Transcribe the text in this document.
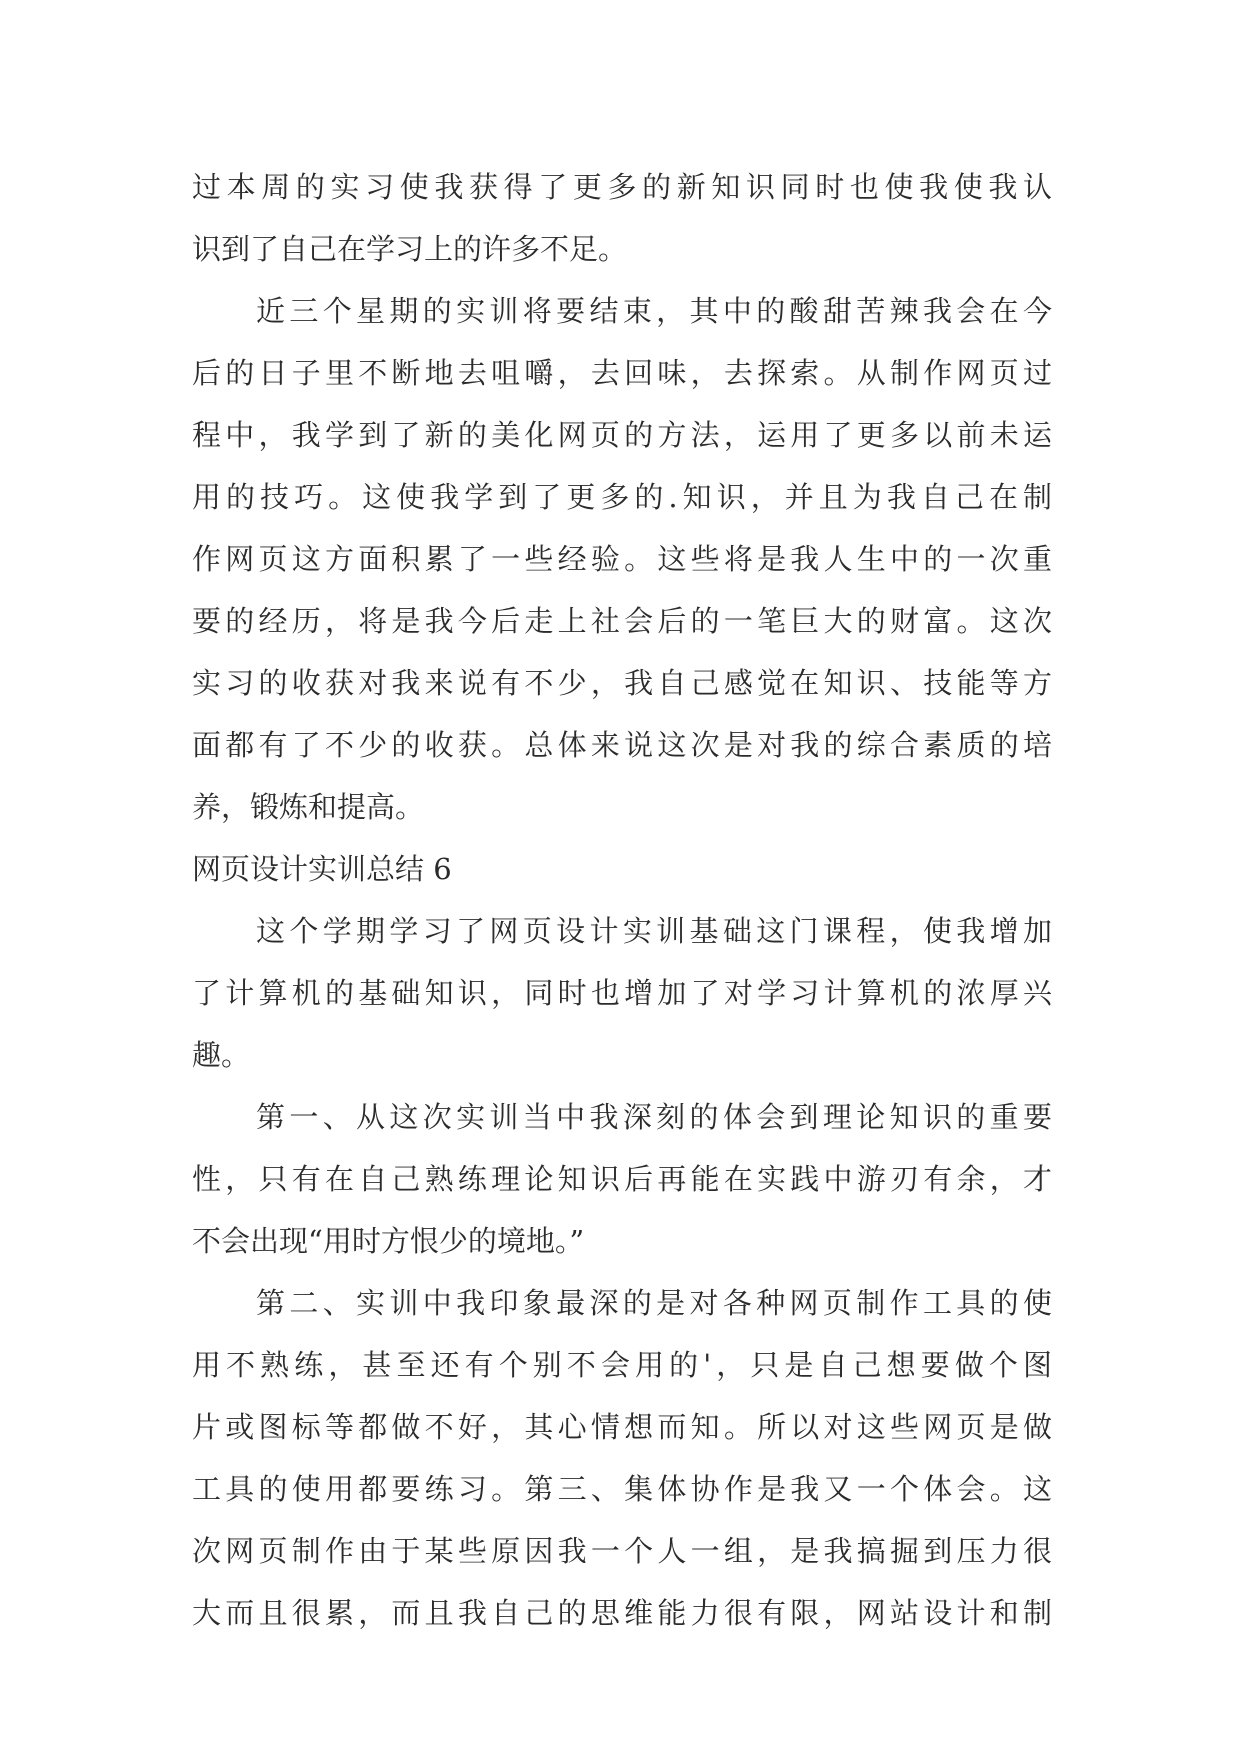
过本周的实习使我获得了更多的新知识同时也使我使我认
识到了自己在学习上的许多不足。
近三个星期的实训将要结束，其中的酸甜苦辣我会在今
后的日子里不断地去咀嚼，去回味，去探索。从制作网页过
程中，我学到了新的美化网页的方法，运用了更多以前未运
用的技巧。这使我学到了更多的.知识，并且为我自己在制
作网页这方面积累了一些经验。这些将是我人生中的一次重
要的经历，将是我今后走上社会后的一笔巨大的财富。这次
实习的收获对我来说有不少，我自己感觉在知识、技能等方
面都有了不少的收获。总体来说这次是对我的综合素质的培
养，锻炼和提高。
网页设计实训总结 6
这个学期学习了网页设计实训基础这门课程，使我增加
了计算机的基础知识，同时也增加了对学习计算机的浓厚兴
趣。
第一、从这次实训当中我深刻的体会到理论知识的重要
性，只有在自己熟练理论知识后再能在实践中游刃有余，才
不会出现“用时方恨少的境地。”
第二、实训中我印象最深的是对各种网页制作工具的使
用不熟练，甚至还有个别不会用的'，只是自己想要做个图
片或图标等都做不好，其心情想而知。所以对这些网页是做
工具的使用都要练习。第三、集体协作是我又一个体会。这
次网页制作由于某些原因我一个人一组，是我搞掘到压力很
大而且很累，而且我自己的思维能力很有限，网站设计和制
